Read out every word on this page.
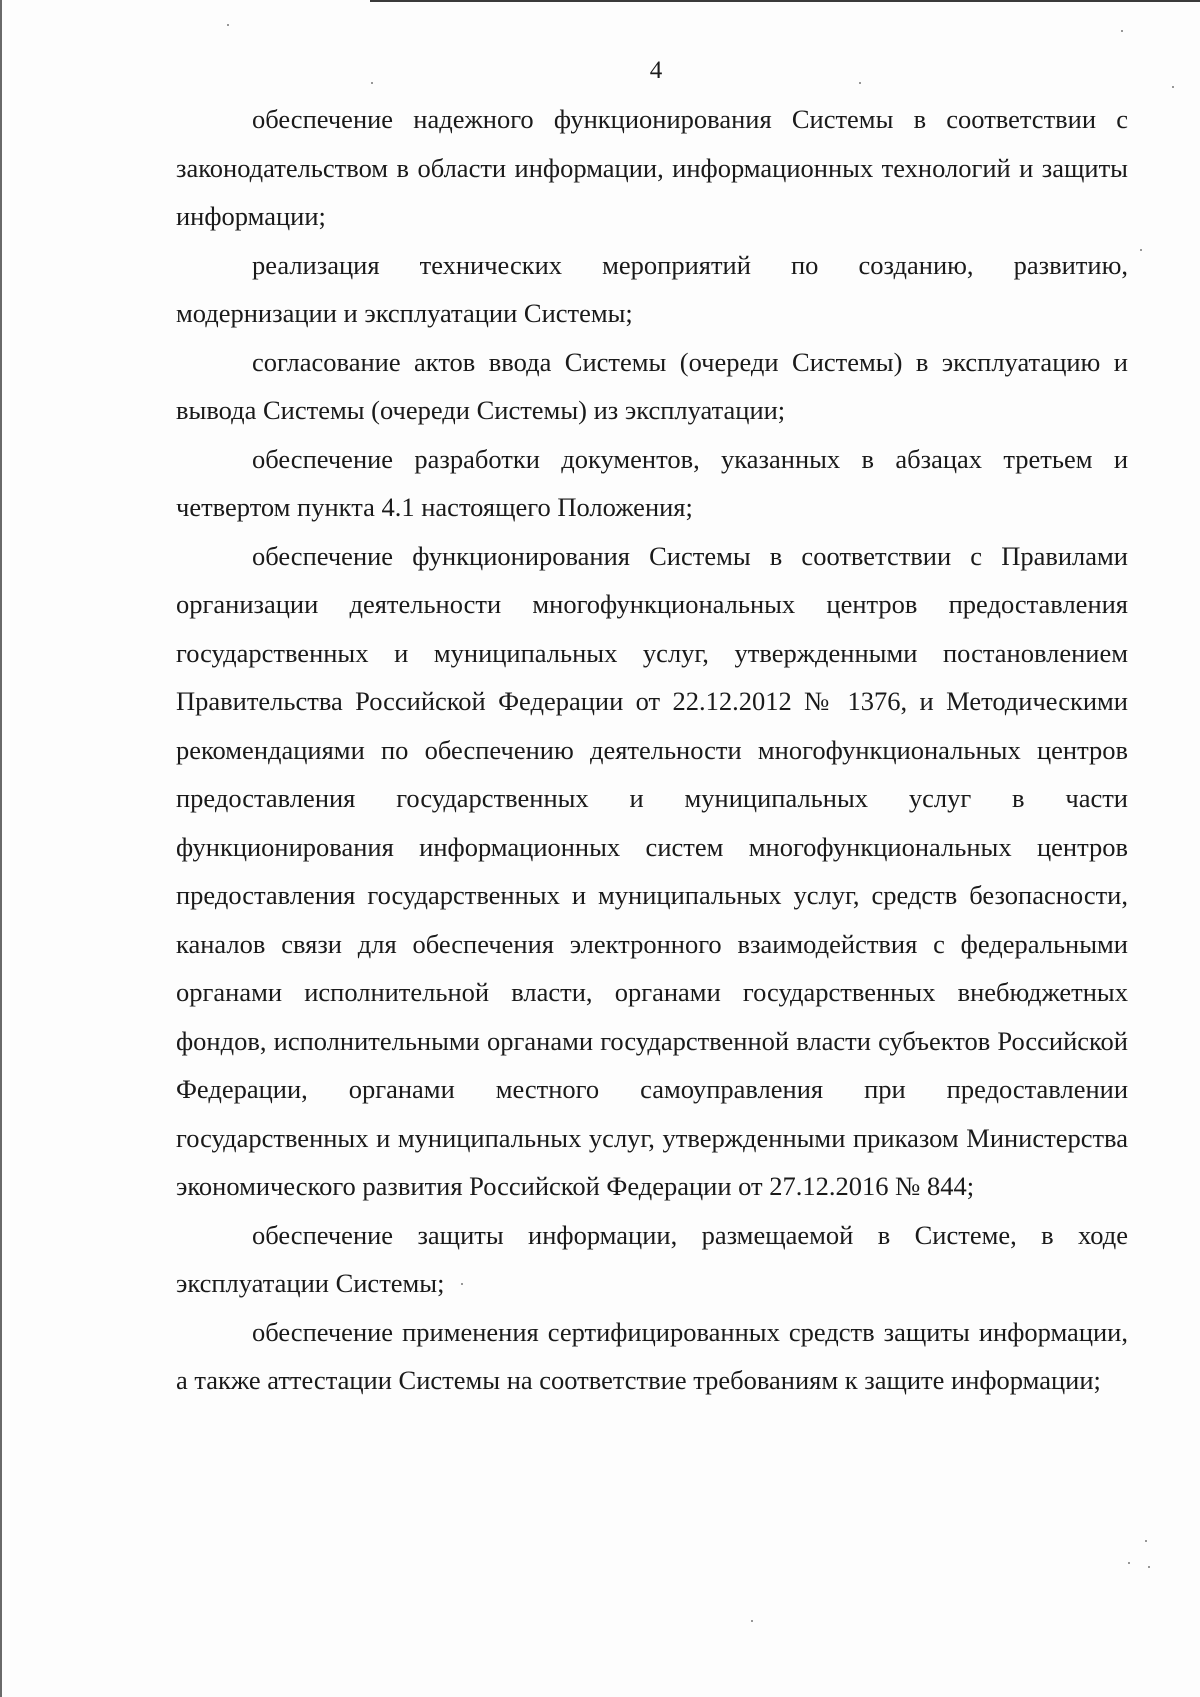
4

обеспечение надежного функционирования Системы в соответствии с законодательством в области информации, информационных технологий и защиты информации;

реализация технических мероприятий по созданию, развитию, модернизации и эксплуатации Системы;

согласование актов ввода Системы (очереди Системы) в эксплуатацию и вывода Системы (очереди Системы) из эксплуатации;

обеспечение разработки документов, указанных в абзацах третьем и четвертом пункта 4.1 настоящего Положения;

обеспечение функционирования Системы в соответствии с Правилами организации деятельности многофункциональных центров предоставления государственных и муниципальных услуг, утвержденными постановлением Правительства Российской Федерации от 22.12.2012 № 1376, и Методическими рекомендациями по обеспечению деятельности многофункциональных центров предоставления государственных и муниципальных услуг в части функционирования информационных систем многофункциональных центров предоставления государственных и муниципальных услуг, средств безопасности, каналов связи для обеспечения электронного взаимодействия с федеральными органами исполнительной власти, органами государственных внебюджетных фондов, исполнительными органами государственной власти субъектов Российской Федерации, органами местного самоуправления при предоставлении государственных и муниципальных услуг, утвержденными приказом Министерства экономического развития Российской Федерации от 27.12.2016 № 844;

обеспечение защиты информации, размещаемой в Системе, в ходе эксплуатации Системы;

обеспечение применения сертифицированных средств защиты информации, а также аттестации Системы на соответствие требованиям к защите информации;
